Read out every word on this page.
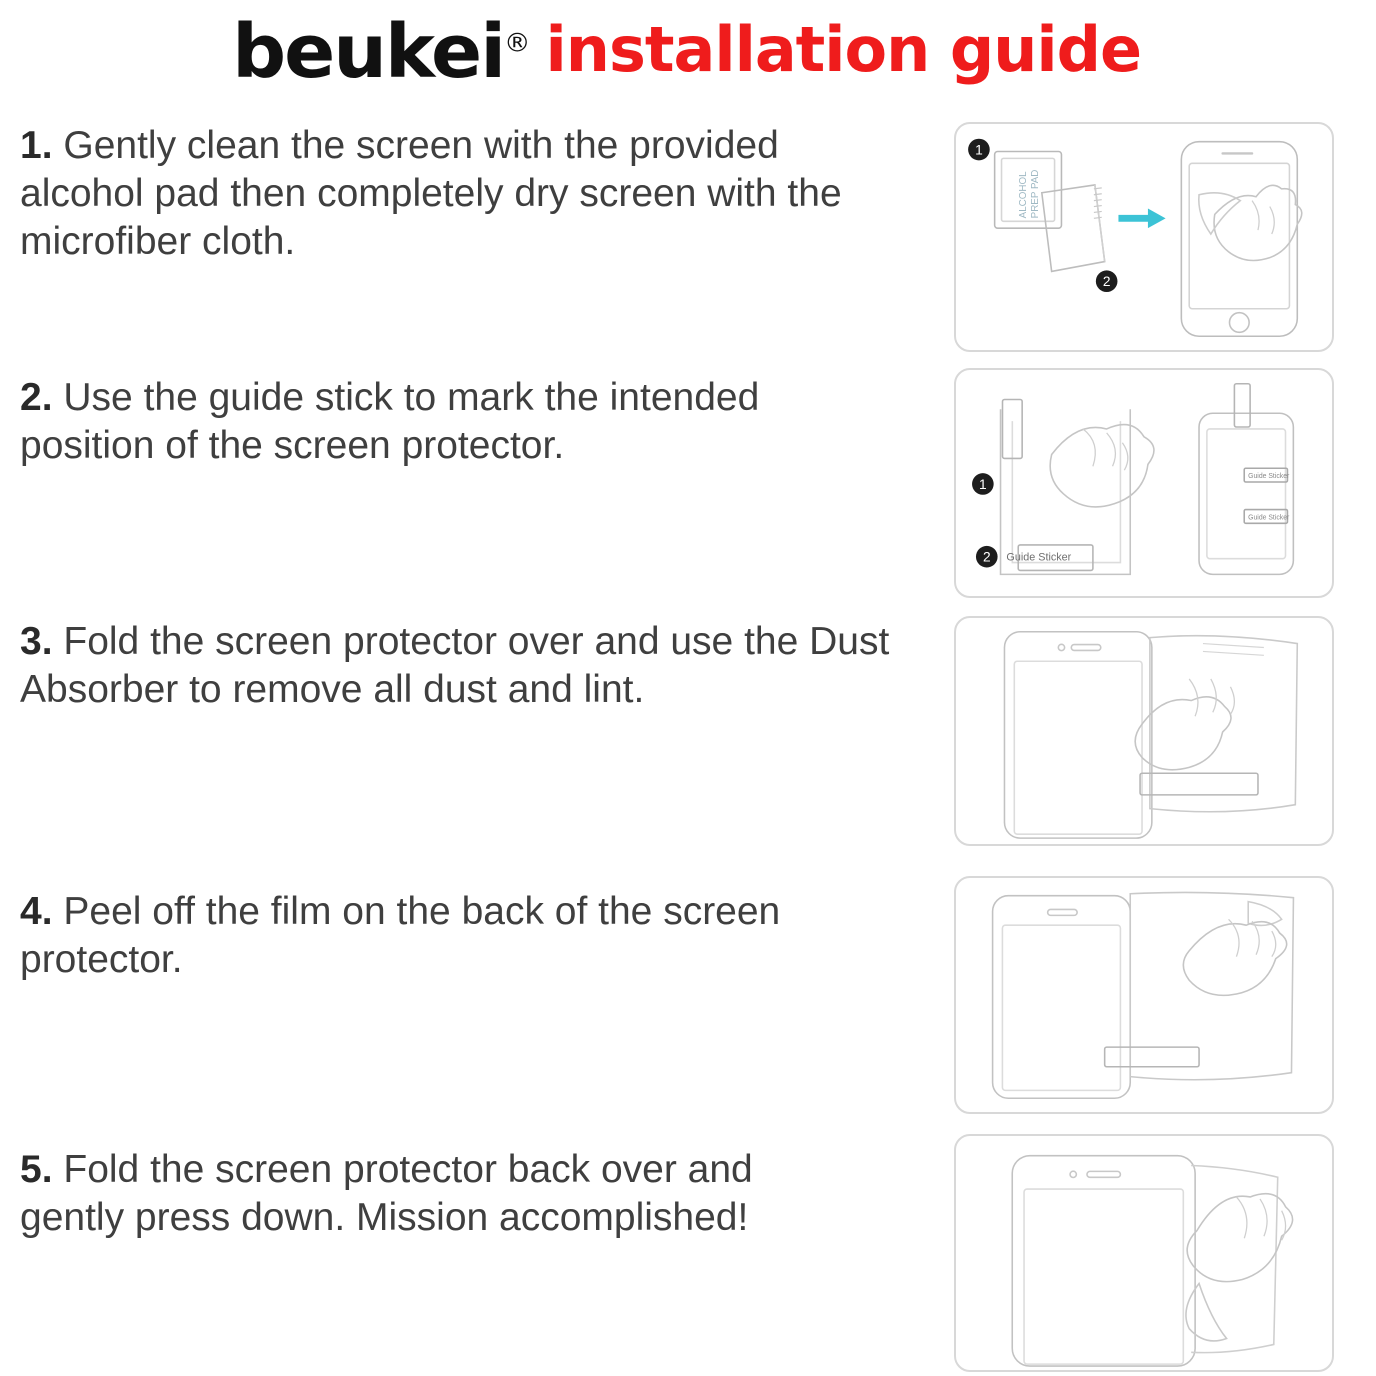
beukei® installation guide
1. Gently clean the screen with the provided alcohol pad then completely dry screen with the microfiber cloth.
2. Use the guide stick to mark the intended position of the screen protector.
3. Fold the screen protector over and use the Dust Absorber to remove all dust and lint.
4. Peel off the film on the back of the screen protector.
5. Fold the screen protector back over and gently press down. Mission accomplished!
1
2
ALCOHOL PREP PAD
1
2 Guide Sticker
Guide Sticker
Guide Sticker
